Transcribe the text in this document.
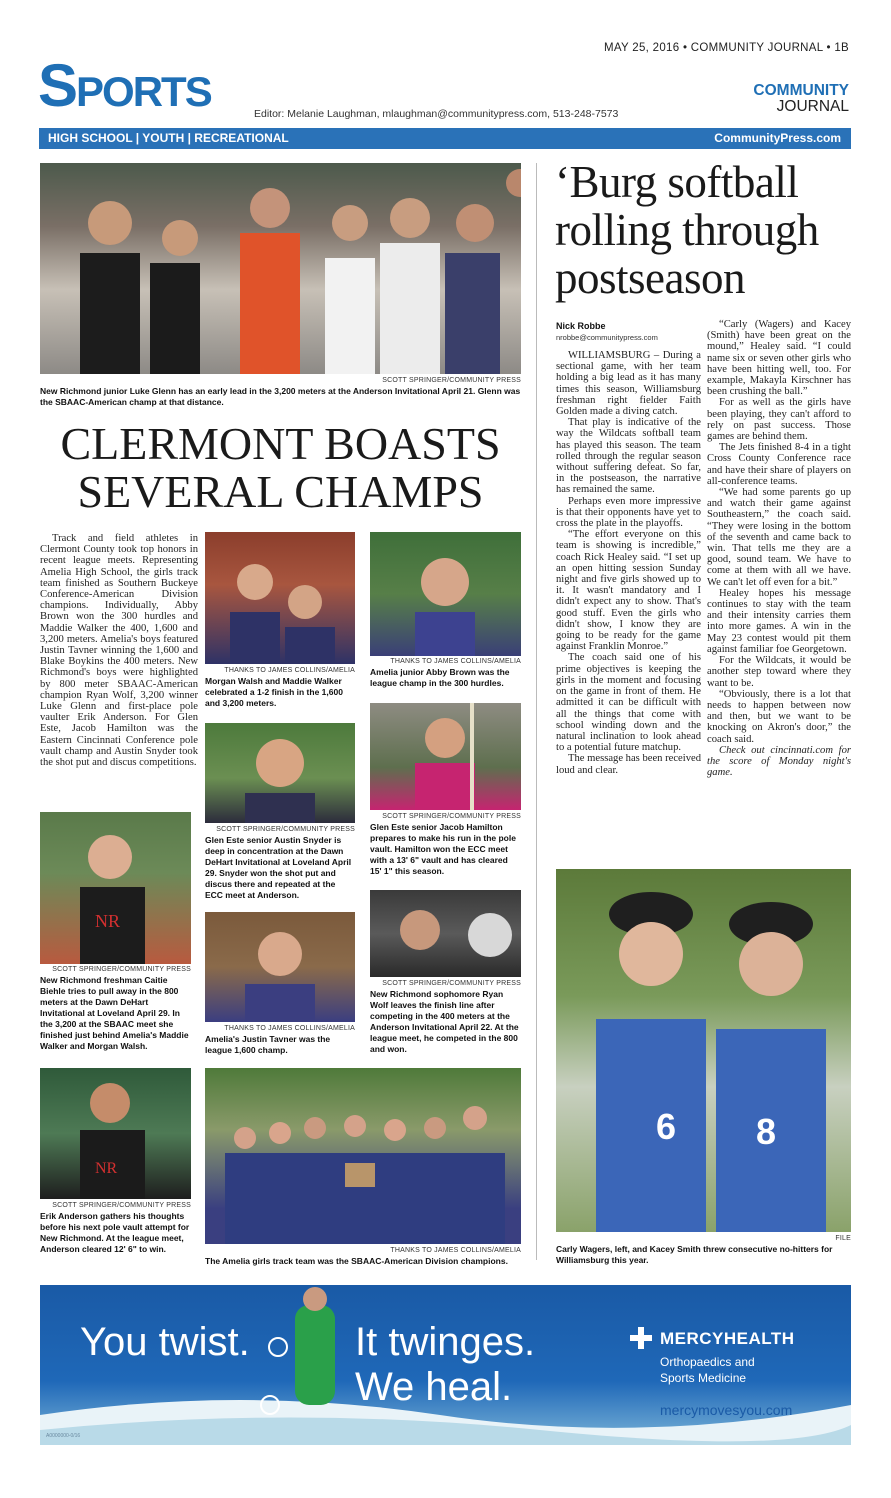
MAY 25, 2016 • COMMUNITY JOURNAL • 1B
Sports	Editor: Melanie Laughman, mlaughman@communitypress.com, 513-248-7573
COMMUNITY
JOURNAL
HIGH SCHOOL | YOUTH | RECREATIONAL	CommunityPress.com
SCOTT SPRINGER/COMMUNITY PRESS
New Richmond junior Luke Glenn has an early lead in the 3,200 meters at the Anderson Invitational April 21. Glenn was the SBAAC-American champ at that distance.
CLERMONT BOASTS
SEVERAL CHAMPS

Track and field athletes in Clermont County took top honors in recent league meets. Representing Amelia High School, the girls track team finished as Southern Buckeye Conference-American Division champions. Individually, Abby Brown won the 300 hurdles and Maddie Walker the 400, 1,600 and 3,200 meters. Amelia's boys featured Justin Tavner winning the 1,600 and Blake Boykins the 400 meters. New Richmond's boys were highlighted by 800 meter SBAAC-American champion Ryan Wolf, 3,200 winner Luke Glenn and first-place pole vaulter Erik Anderson. For Glen Este, Jacob Hamilton was the Eastern Cincinnati Conference pole vault champ and Austin Snyder took the shot put and discus competitions.

THANKS TO JAMES COLLINS/AMELIA
Morgan Walsh and Maddie Walker celebrated a 1-2 finish in the 1,600 and 3,200 meters.
THANKS TO JAMES COLLINS/AMELIA
Amelia junior Abby Brown was the league champ in the 300 hurdles.
SCOTT SPRINGER/COMMUNITY PRESS
Glen Este senior Austin Snyder is deep in concentration at the Dawn DeHart Invitational at Loveland April 29. Snyder won the shot put and discus there and repeated at the ECC meet at Anderson.
SCOTT SPRINGER/COMMUNITY PRESS
Glen Este senior Jacob Hamilton prepares to make his run in the pole vault. Hamilton won the ECC meet with a 13' 6" vault and has cleared 15' 1" this season.
NR
SCOTT SPRINGER/COMMUNITY PRESS
New Richmond freshman Caitie Biehle tries to pull away in the 800 meters at the Dawn DeHart Invitational at Loveland April 29. In the 3,200 at the SBAAC meet she finished just behind Amelia's Maddie Walker and Morgan Walsh.
THANKS TO JAMES COLLINS/AMELIA
Amelia's Justin Tavner was the league 1,600 champ.
SCOTT SPRINGER/COMMUNITY PRESS
New Richmond sophomore Ryan Wolf leaves the finish line after competing in the 400 meters at the Anderson Invitational April 22. At the league meet, he competed in the 800 and won.
NR
SCOTT SPRINGER/COMMUNITY PRESS
Erik Anderson gathers his thoughts before his next pole vault attempt for New Richmond. At the league meet, Anderson cleared 12' 6" to win.	THANKS TO JAMES COLLINS/AMELIA
The Amelia girls track team was the SBAAC-American Division champions.
‘Burg softball rolling through postseason
Nick Robbe
nrobbe@communitypress.com

WILLIAMSBURG – During a sectional game, with her team holding a big lead as it has many times this season, Williamsburg freshman right fielder Faith Golden made a diving catch.

That play is indicative of the way the Wildcats softball team has played this season. The team rolled through the regular season without suffering defeat. So far, in the postseason, the narrative has remained the same.

Perhaps even more impressive is that their opponents have yet to cross the plate in the playoffs.

“The effort everyone on this team is showing is incredible,” coach Rick Healey said. “I set up an open hitting session Sunday night and five girls showed up to it. It wasn't mandatory and I didn't expect any to show. That's good stuff. Even the girls who didn't show, I know they are going to be ready for the game against Franklin Monroe.”

The coach said one of his prime objectives is keeping the girls in the moment and focusing on the game in front of them. He admitted it can be difficult with all the things that come with school winding down and the natural inclination to look ahead to a potential future matchup.

The message has been received loud and clear.

“Carly (Wagers) and Kacey (Smith) have been great on the mound,” Healey said. “I could name six or seven other girls who have been hitting well, too. For example, Makayla Kirschner has been crushing the ball.”

For as well as the girls have been playing, they can't afford to rely on past success. Those games are behind them.

The Jets finished 8-4 in a tight Cross County Conference race and have their share of players on all-conference teams.

“We had some parents go up and watch their game against Southeastern,” the coach said. “They were losing in the bottom of the seventh and came back to win. That tells me they are a good, sound team. We have to come at them with all we have. We can't let off even for a bit.”

Healey hopes his message continues to stay with the team and their intensity carries them into more games. A win in the May 23 contest would pit them against familiar foe Georgetown.

For the Wildcats, it would be another step toward where they want to be.

“Obviously, there is a lot that needs to happen between now and then, but we want to be knocking on Akron's door,” the coach said.

Check out cincinnati.com for the score of Monday night's game.

6 8
FILE
Carly Wagers, left, and Kacey Smith threw consecutive no-hitters for Williamsburg this year.
You twist.	It twinges.
We heal.
MERCYHEALTH
Orthopaedics and
Sports Medicine
mercymovesyou.com
A0000000-0/16
